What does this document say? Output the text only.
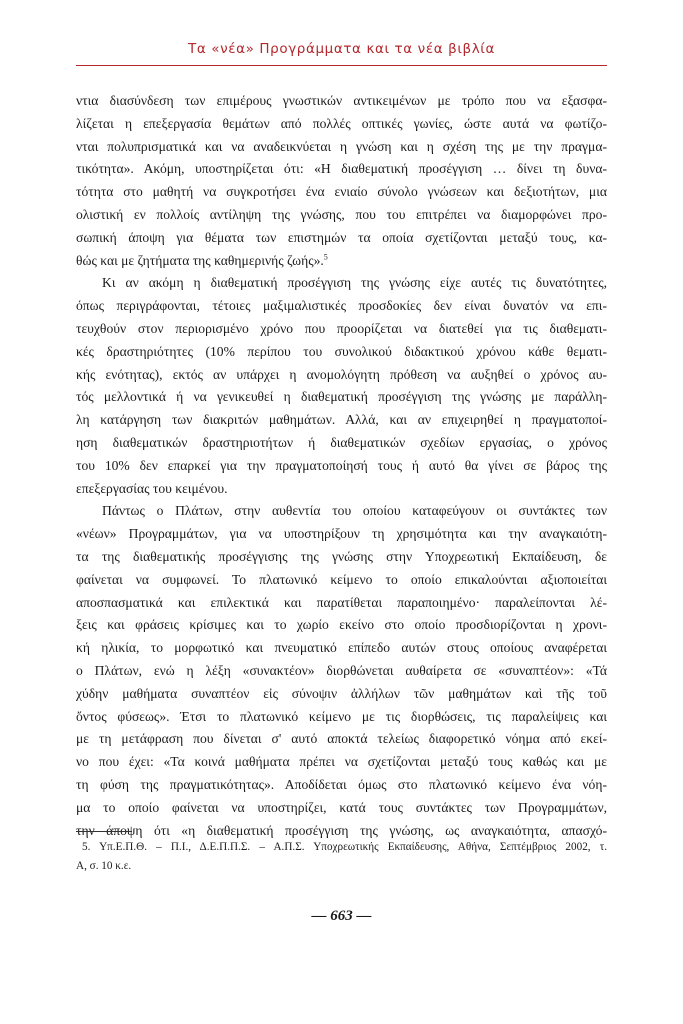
Τα «νέα» Προγράμματα και τα νέα βιβλία
ντια διασύνδεση των επιμέρους γνωστικών αντικειμένων με τρόπο που να εξασφα-
λίζεται η επεξεργασία θεμάτων από πολλές οπτικές γωνίες, ώστε αυτά να φωτίζο-
νται πολυπρισματικά και να αναδεικνύεται η γνώση και η σχέση της με την πραγμα-
τικότητα». Ακόμη, υποστηρίζεται ότι: «Η διαθεματική προσέγγιση … δίνει τη δυνα-
τότητα στο μαθητή να συγκροτήσει ένα ενιαίο σύνολο γνώσεων και δεξιοτήτων, μια
ολιστική εν πολλοίς αντίληψη της γνώσης, που του επιτρέπει να διαμορφώνει προ-
σωπική άποψη για θέματα των επιστημών τα οποία σχετίζονται μεταξύ τους, κα-
θώς και με ζητήματα της καθημερινής ζωής».$^5$
Κι αν ακόμη η διαθεματική προσέγγιση της γνώσης είχε αυτές τις δυνατότητες,
όπως περιγράφονται, τέτοιες μαξιμαλιστικές προσδοκίες δεν είναι δυνατόν να επι-
τευχθούν στον περιορισμένο χρόνο που προορίζεται να διατεθεί για τις διαθεματι-
κές δραστηριότητες (10% περίπου του συνολικού διδακτικού χρόνου κάθε θεματι-
κής ενότητας), εκτός αν υπάρχει η ανομολόγητη πρόθεση να αυξηθεί ο χρόνος αυ-
τός μελλοντικά ή να γενικευθεί η διαθεματική προσέγγιση της γνώσης με παράλλη-
λη κατάργηση των διακριτών μαθημάτων. Αλλά, και αν επιχειρηθεί η πραγματοποί-
ηση διαθεματικών δραστηριοτήτων ή διαθεματικών σχεδίων εργασίας, ο χρόνος
του 10% δεν επαρκεί για την πραγματοποίησή τους ή αυτό θα γίνει σε βάρος της
επεξεργασίας του κειμένου.
Πάντως ο Πλάτων, στην αυθεντία του οποίου καταφεύγουν οι συντάκτες των
«νέων» Προγραμμάτων, για να υποστηρίξουν τη χρησιμότητα και την αναγκαιότη-
τα της διαθεματικής προσέγγισης της γνώσης στην Υποχρεωτική Εκπαίδευση, δε
φαίνεται να συμφωνεί. Το πλατωνικό κείμενο το οποίο επικαλούνται αξιοποιείται
αποσπασματικά και επιλεκτικά και παρατίθεται παραποιημένο· παραλείπονται λέ-
ξεις και φράσεις κρίσιμες και το χωρίο εκείνο στο οποίο προσδιορίζονται η χρονι-
κή ηλικία, το μορφωτικό και πνευματικό επίπεδο αυτών στους οποίους αναφέρεται
ο Πλάτων, ενώ η λέξη «συνακτέον» διορθώνεται αυθαίρετα σε «συναπτέον»: «Τά
χύδην μαθήματα συναπτέον εἰς σύνοψιν ἀλλήλων τῶν μαθημάτων καὶ τῆς τοῦ
ὄντος φύσεως». Έτσι το πλατωνικό κείμενο με τις διορθώσεις, τις παραλείψεις και
με τη μετάφραση που δίνεται σ' αυτό αποκτά τελείως διαφορετικό νόημα από εκεί-
νο που έχει: «Τα κοινά μαθήματα πρέπει να σχετίζονται μεταξύ τους καθώς και με
τη φύση της πραγματικότητας». Αποδίδεται όμως στο πλατωνικό κείμενο ένα νόη-
μα το οποίο φαίνεται να υποστηρίζει, κατά τους συντάκτες των Προγραμμάτων,
την άποψη ότι «η διαθεματική προσέγγιση της γνώσης, ως αναγκαιότητα, απασχό-
5. Υπ.Ε.Π.Θ. – Π.Ι., Δ.Ε.Π.Π.Σ. – Α.Π.Σ. Υποχρεωτικής Εκπαίδευσης, Αθήνα, Σεπτέμβριος 2002, τ.
Α, σ. 10 κ.ε.
— 663 —
